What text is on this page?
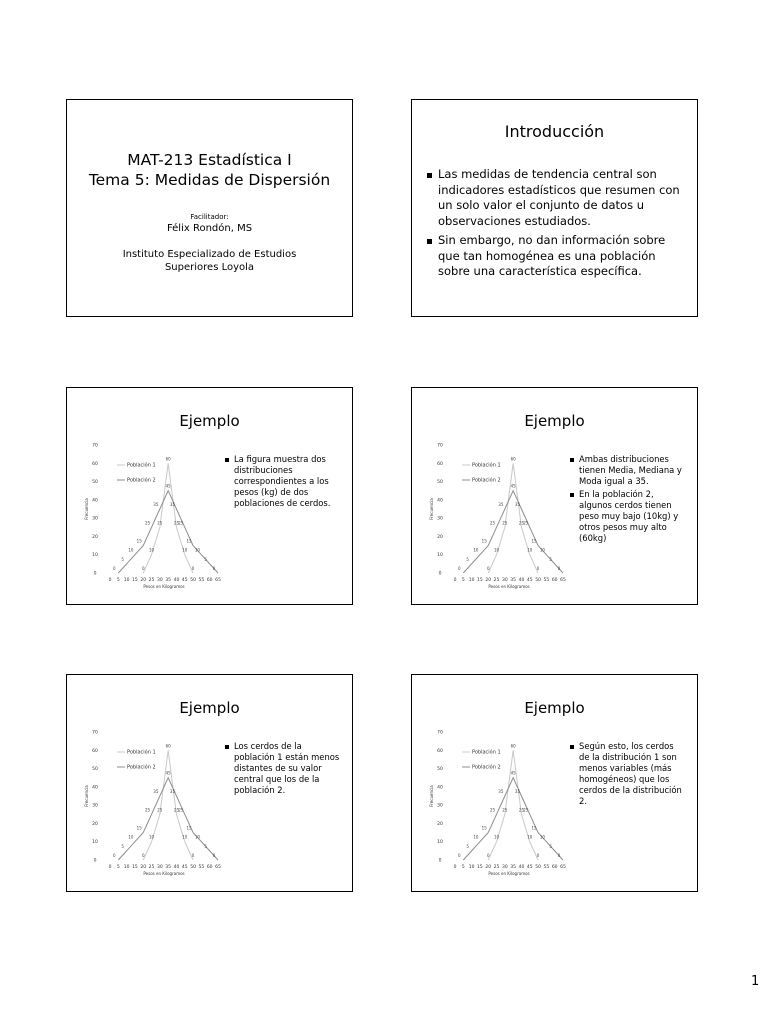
MAT-213 Estadística I
Tema 5: Medidas de Dispersión
Facilitador:
Félix Rondón, MS
Instituto Especializado de Estudios
Superiores Loyola
Introducción
Las medidas de tendencia central son indicadores estadísticos que resumen con un solo valor el conjunto de datos u observaciones estudiados.
Sin embargo, no dan información sobre que tan homogénea es una población sobre una característica específica.
Ejemplo
0
10
20
30
40
50
60
70
0 5 10 15 20 25 30 35 40 45 50 55 60 65
Frecuencia
Pesos en Kilogramos
0
10
25
60
25
10
0
Población 1
0
5
10
15
25
35
45
35
25
15
10
5
0
Población 2
La figura muestra dos distribuciones correspondientes a los pesos (kg) de dos poblaciones de cerdos.
Ejemplo
0
10
20
30
40
50
60
70
0 5 10 15 20 25 30 35 40 45 50 55 60 65
Frecuencia
Pesos en Kilogramos
0
10
25
60
25
10
0
Población 1
0
5
10
15
25
35
45
35
25
15
10
5
0
Población 2
Ambas distribuciones tienen Media, Mediana y Moda igual a 35.
En la población 2, algunos cerdos tienen peso muy bajo (10kg) y otros pesos muy alto (60kg)
Ejemplo
0
10
20
30
40
50
60
70
0 5 10 15 20 25 30 35 40 45 50 55 60 65
Frecuencia
Pesos en Kilogramos
0
10
25
60
25
10
0
Población 1
0
5
10
15
25
35
45
35
25
15
10
5
0
Población 2
Los cerdos de la población 1 están menos distantes de su valor central que los de la población 2.
Ejemplo
0
10
20
30
40
50
60
70
0 5 10 15 20 25 30 35 40 45 50 55 60 65
Frecuencia
Pesos en Kilogramos
0
10
25
60
25
10
0
Población 1
0
5
10
15
25
35
45
35
25
15
10
5
0
Población 2
Según esto, los cerdos de la distribución 1 son menos variables (más homogéneos) que los cerdos de la distribución 2.
1
